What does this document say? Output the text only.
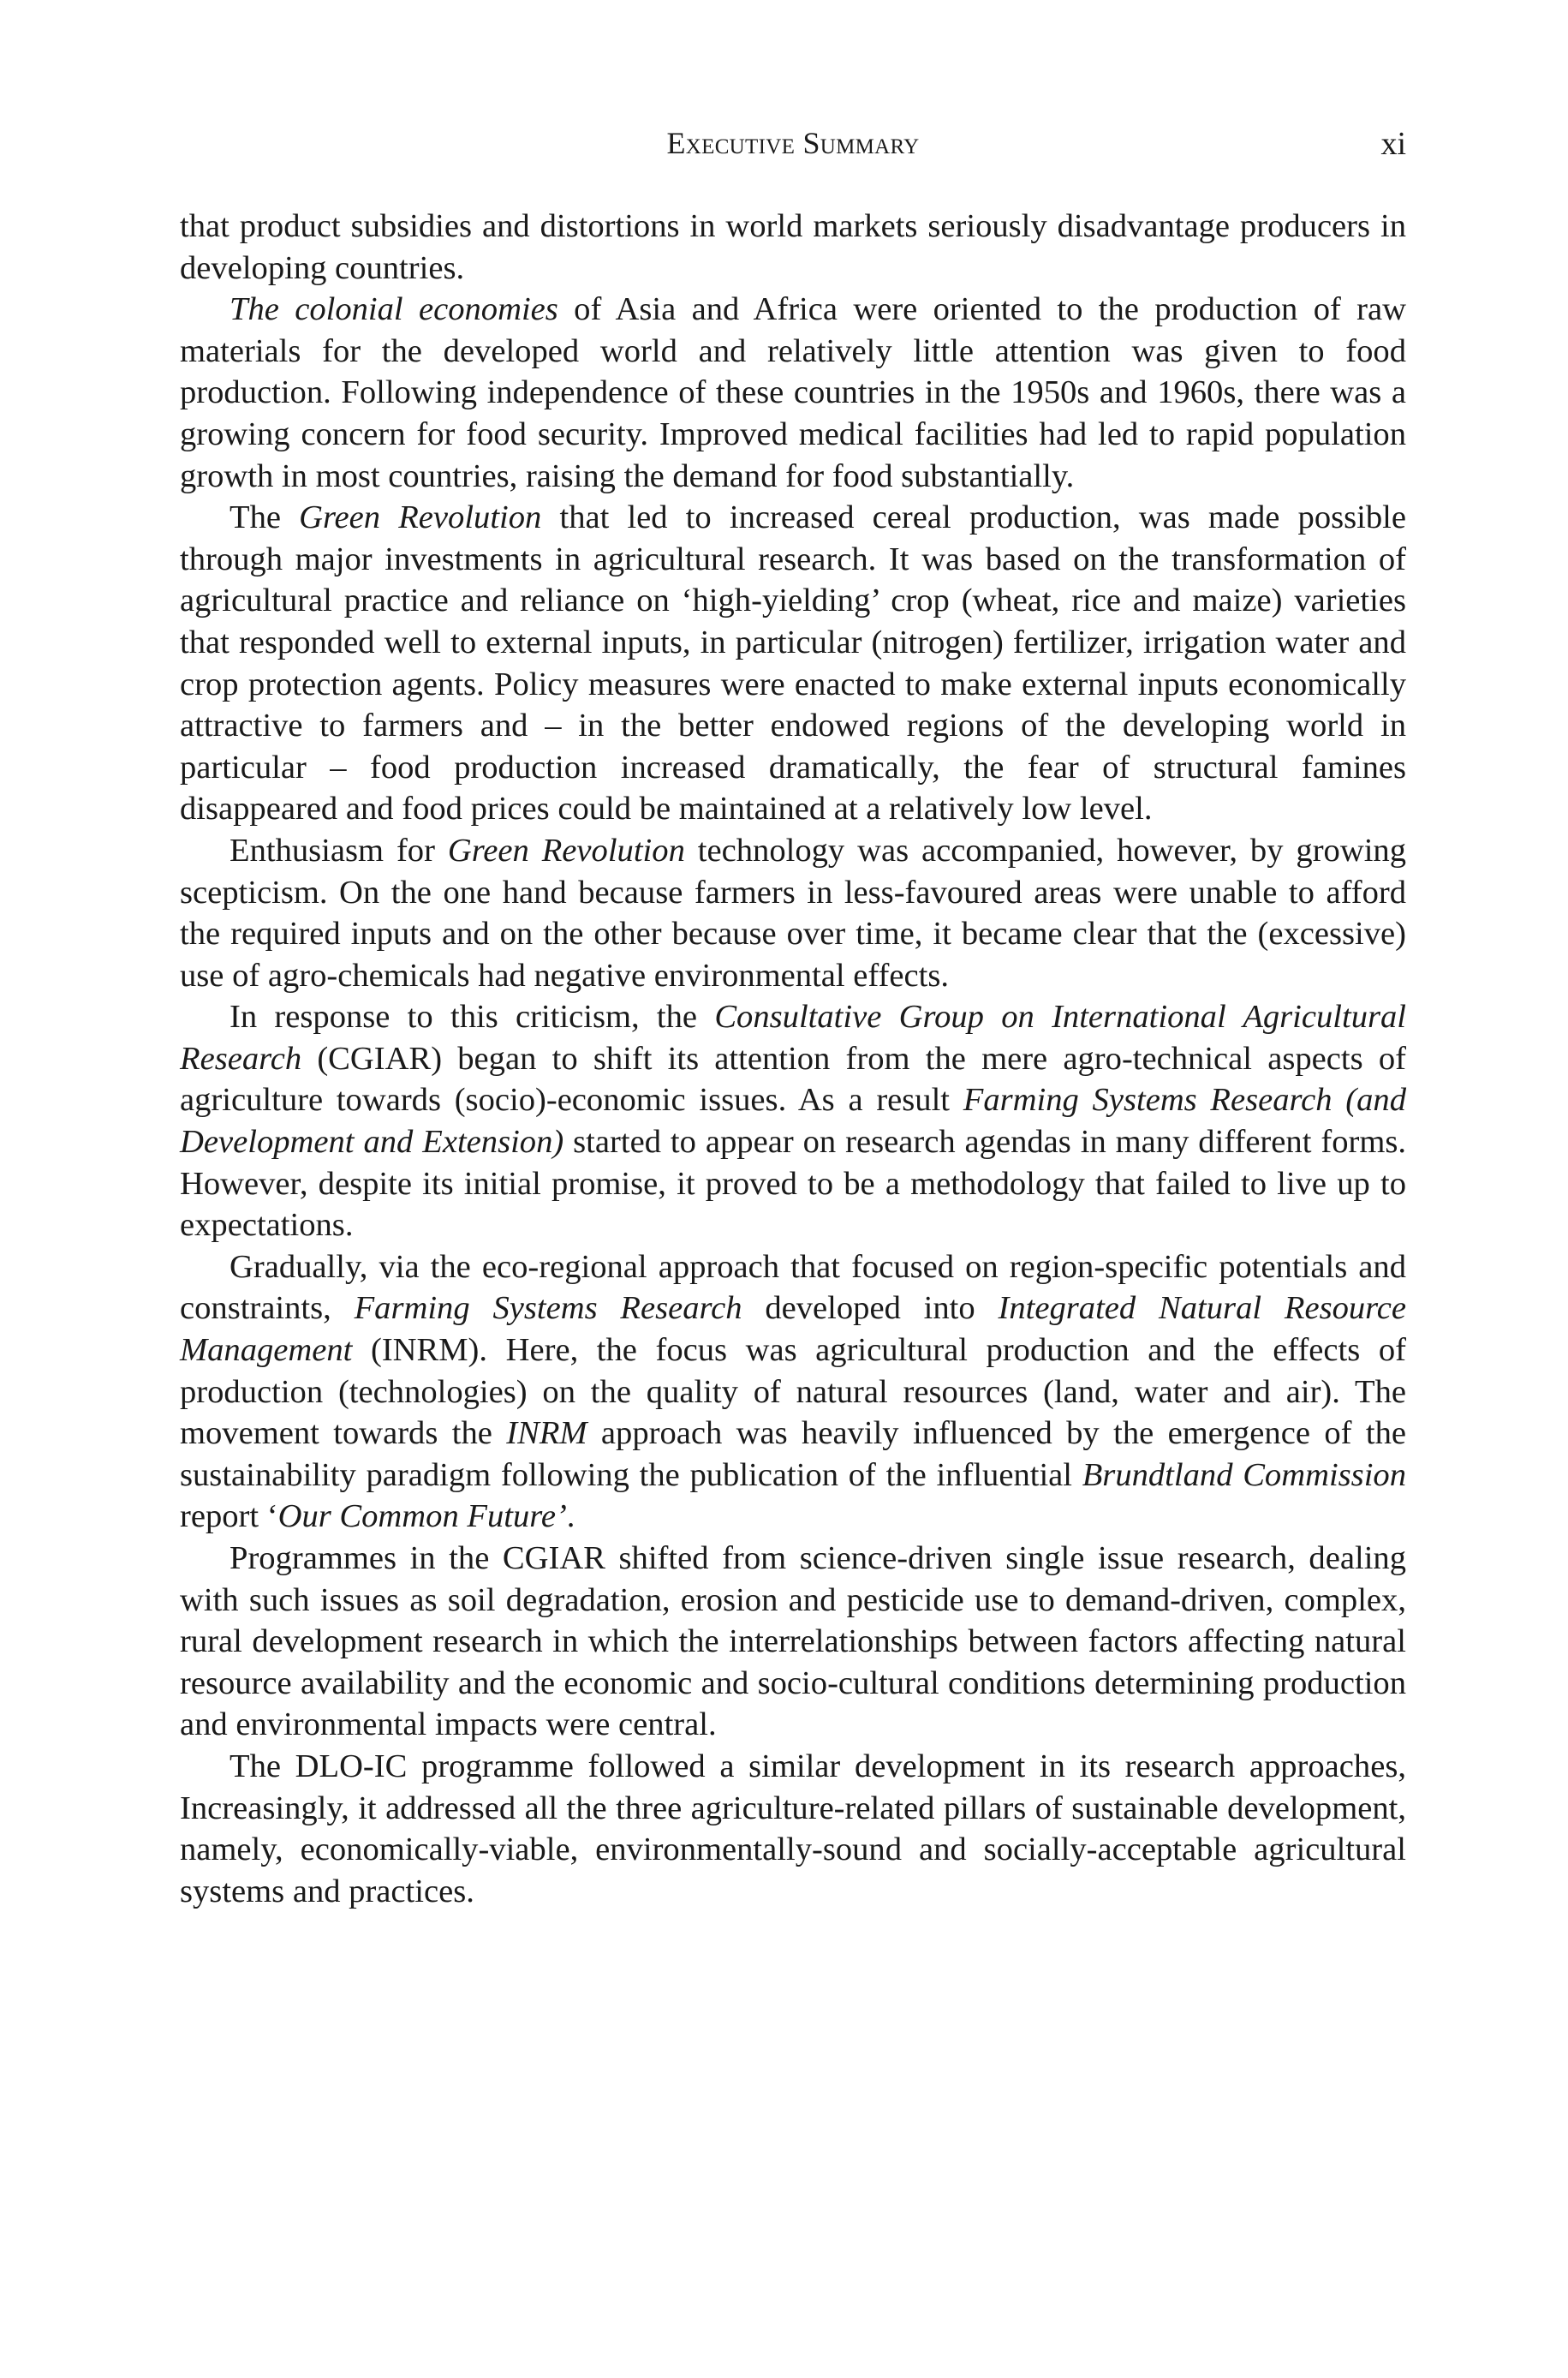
Executive Summary	xi

that product subsidies and distortions in world markets seriously disadvantage producers in developing countries.

The colonial economies of Asia and Africa were oriented to the production of raw materials for the developed world and relatively little attention was given to food production. Following independence of these countries in the 1950s and 1960s, there was a growing concern for food security. Improved medical facilities had led to rapid population growth in most countries, raising the demand for food substantially.

The Green Revolution that led to increased cereal production, was made possible through major investments in agricultural research. It was based on the transformation of agricultural practice and reliance on ‘high-yielding’ crop (wheat, rice and maize) varieties that responded well to external inputs, in particular (nitrogen) fertilizer, irrigation water and crop protection agents. Policy measures were enacted to make external inputs economically attractive to farmers and – in the better endowed regions of the developing world in particular – food production increased dramatically, the fear of structural famines disappeared and food prices could be maintained at a relatively low level.

Enthusiasm for Green Revolution technology was accompanied, however, by growing scepticism. On the one hand because farmers in less-favoured areas were unable to afford the required inputs and on the other because over time, it became clear that the (excessive) use of agro-chemicals had negative environmental effects.

In response to this criticism, the Consultative Group on International Agricultural Research (CGIAR) began to shift its attention from the mere agro-technical aspects of agriculture towards (socio)-economic issues. As a result Farming Systems Research (and Development and Extension) started to appear on research agendas in many different forms. However, despite its initial promise, it proved to be a methodology that failed to live up to expectations.

Gradually, via the eco-regional approach that focused on region-specific potentials and constraints, Farming Systems Research developed into Integrated Natural Resource Management (INRM). Here, the focus was agricultural production and the effects of production (technologies) on the quality of natural resources (land, water and air). The movement towards the INRM approach was heavily influenced by the emergence of the sustainability paradigm following the publication of the influential Brundtland Commission report ‘Our Common Future’.

Programmes in the CGIAR shifted from science-driven single issue research, dealing with such issues as soil degradation, erosion and pesticide use to demand-driven, complex, rural development research in which the interrelationships between factors affecting natural resource availability and the economic and socio-cultural conditions determining production and environmental impacts were central.

The DLO-IC programme followed a similar development in its research approaches, Increasingly, it addressed all the three agriculture-related pillars of sustainable development, namely, economically-viable, environmentally-sound and socially-acceptable agricultural systems and practices.
